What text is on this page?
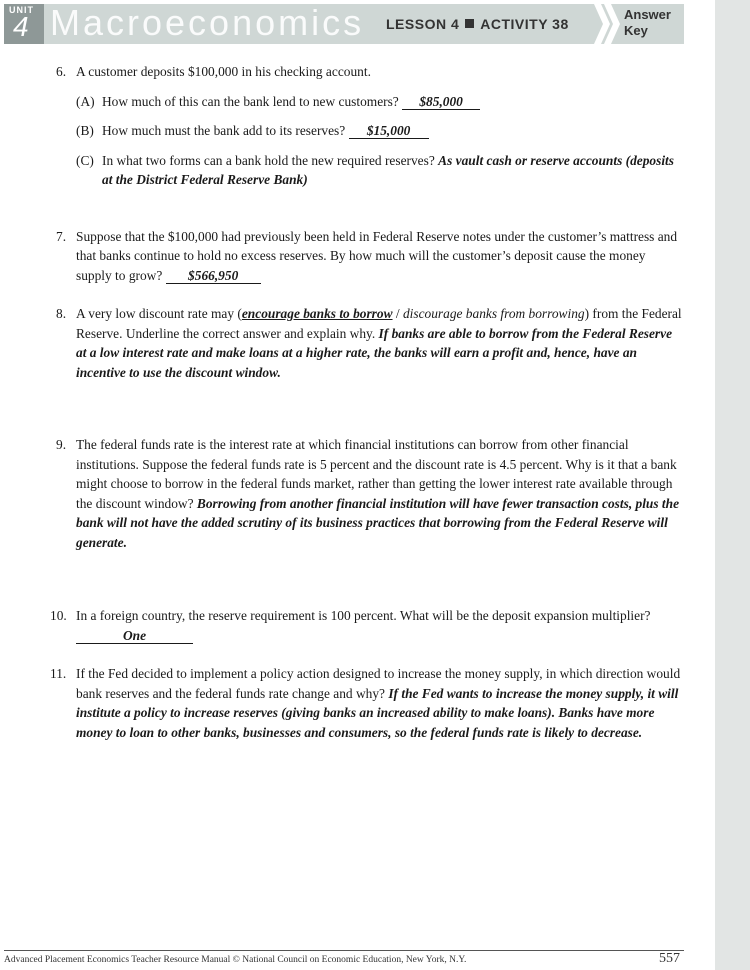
UNIT
4 Macroeconomics LESSON 4 ACTIVITY 38
Answer
Key
6. A customer deposits $100,000 in his checking account.
(A) How much of this can the bank lend to new customers? $85,000
(B) How much must the bank add to its reserves? $15,000
(C) In what two forms can a bank hold the new required reserves? As vault cash or reserve accounts (deposits at the District Federal Reserve Bank)
7. Suppose that the $100,000 had previously been held in Federal Reserve notes under the customer’s mattress and that banks continue to hold no excess reserves. By how much will the customer’s deposit cause the money supply to grow? $566,950
8. A very low discount rate may (encourage banks to borrow / discourage banks from borrowing) from the Federal Reserve. Underline the correct answer and explain why. If banks are able to borrow from the Federal Reserve at a low interest rate and make loans at a higher rate, the banks will earn a profit and, hence, have an incentive to use the discount window.
9. The federal funds rate is the interest rate at which financial institutions can borrow from other financial institutions. Suppose the federal funds rate is 5 percent and the discount rate is 4.5 percent. Why is it that a bank might choose to borrow in the federal funds market, rather than getting the lower interest rate available through the discount window? Borrowing from another financial institution will have fewer transaction costs, plus the bank will not have the added scrutiny of its business practices that borrowing from the Federal Reserve will generate.
10. In a foreign country, the reserve requirement is 100 percent. What will be the deposit expansion multiplier? One
11. If the Fed decided to implement a policy action designed to increase the money supply, in which direction would bank reserves and the federal funds rate change and why? If the Fed wants to increase the money supply, it will institute a policy to increase reserves (giving banks an increased ability to make loans). Banks have more money to loan to other banks, businesses and consumers, so the federal funds rate is likely to decrease.
Advanced Placement Economics Teacher Resource Manual © National Council on Economic Education, New York, N.Y.	557
